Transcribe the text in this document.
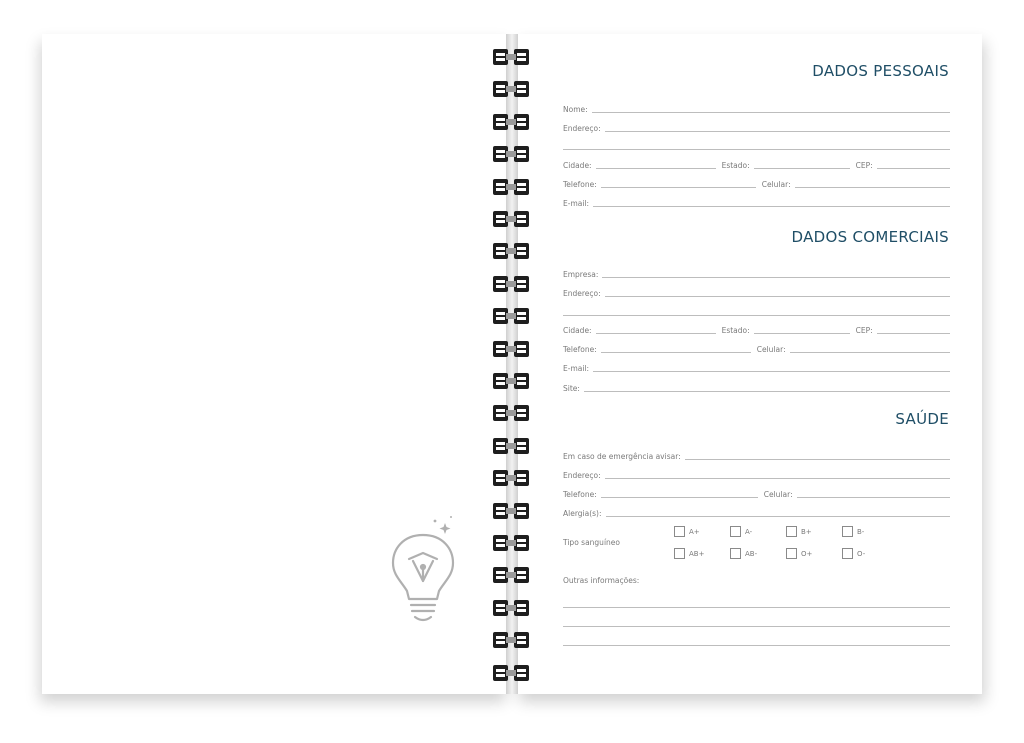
DADOS PESSOAIS
Nome:
Endereço:
Cidade:	Estado:	CEP:
Telefone:	Celular:
E-mail:
DADOS COMERCIAIS
Empresa:
Endereço:
Cidade:	Estado:	CEP:
Telefone:	Celular:
E-mail:
Site:
SAÚDE
Em caso de emergência avisar:
Endereço:
Telefone:	Celular:
Alergia(s):
Tipo sanguíneo
A+	A-	B+	B-
AB+	AB-	O+	O-
Outras informações:
